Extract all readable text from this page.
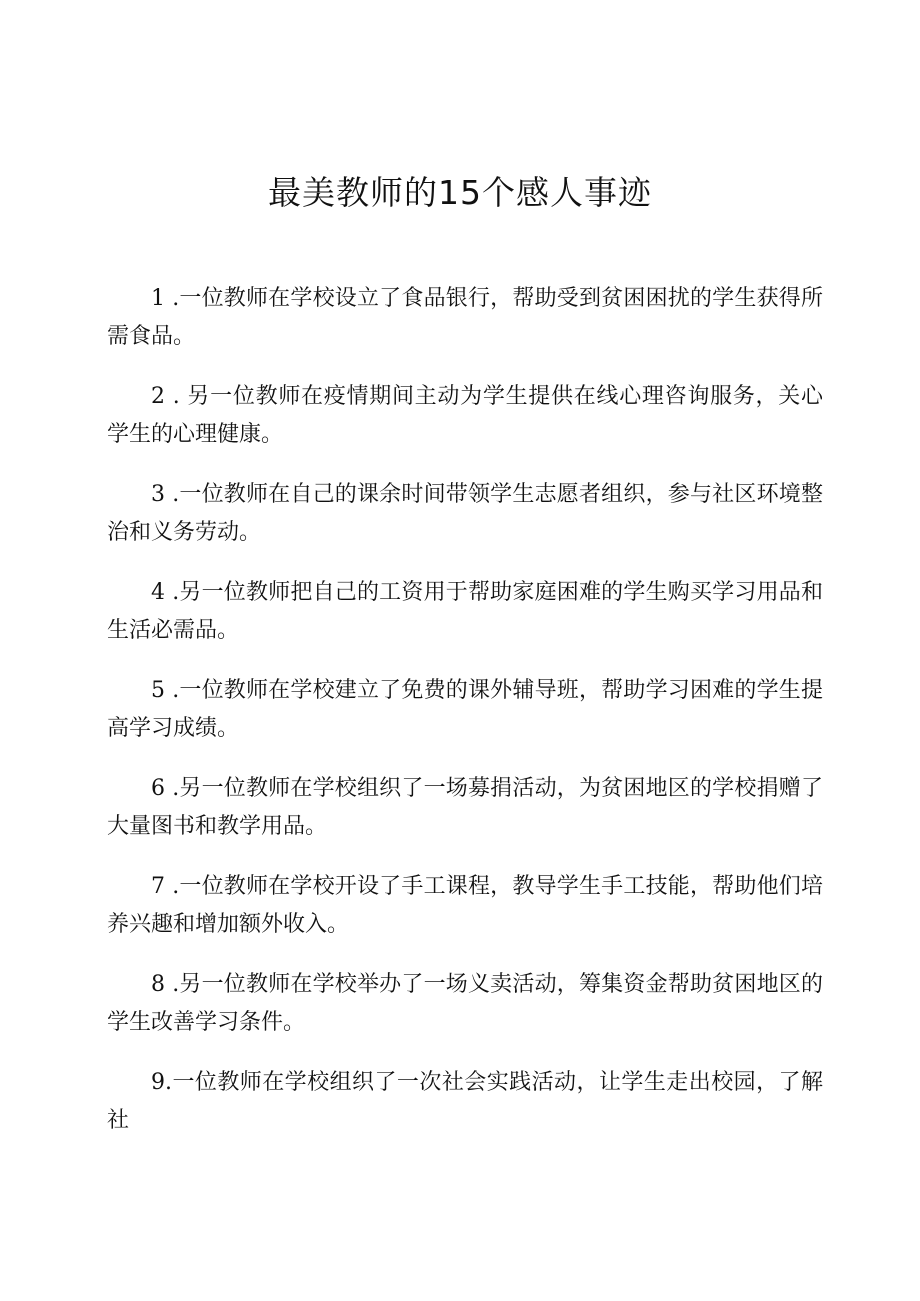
最美教师的15个感人事迹

1 .一位教师在学校设立了食品银行，帮助受到贫困困扰的学生获得所需食品。

2 . 另一位教师在疫情期间主动为学生提供在线心理咨询服务，关心学生的心理健康。

3 .一位教师在自己的课余时间带领学生志愿者组织，参与社区环境整治和义务劳动。

4 .另一位教师把自己的工资用于帮助家庭困难的学生购买学习用品和生活必需品。

5 .一位教师在学校建立了免费的课外辅导班，帮助学习困难的学生提高学习成绩。

6 .另一位教师在学校组织了一场募捐活动，为贫困地区的学校捐赠了大量图书和教学用品。

7 .一位教师在学校开设了手工课程，教导学生手工技能，帮助他们培养兴趣和增加额外收入。

8 .另一位教师在学校举办了一场义卖活动，筹集资金帮助贫困地区的学生改善学习条件。

9.一位教师在学校组织了一次社会实践活动，让学生走出校园，了解社
